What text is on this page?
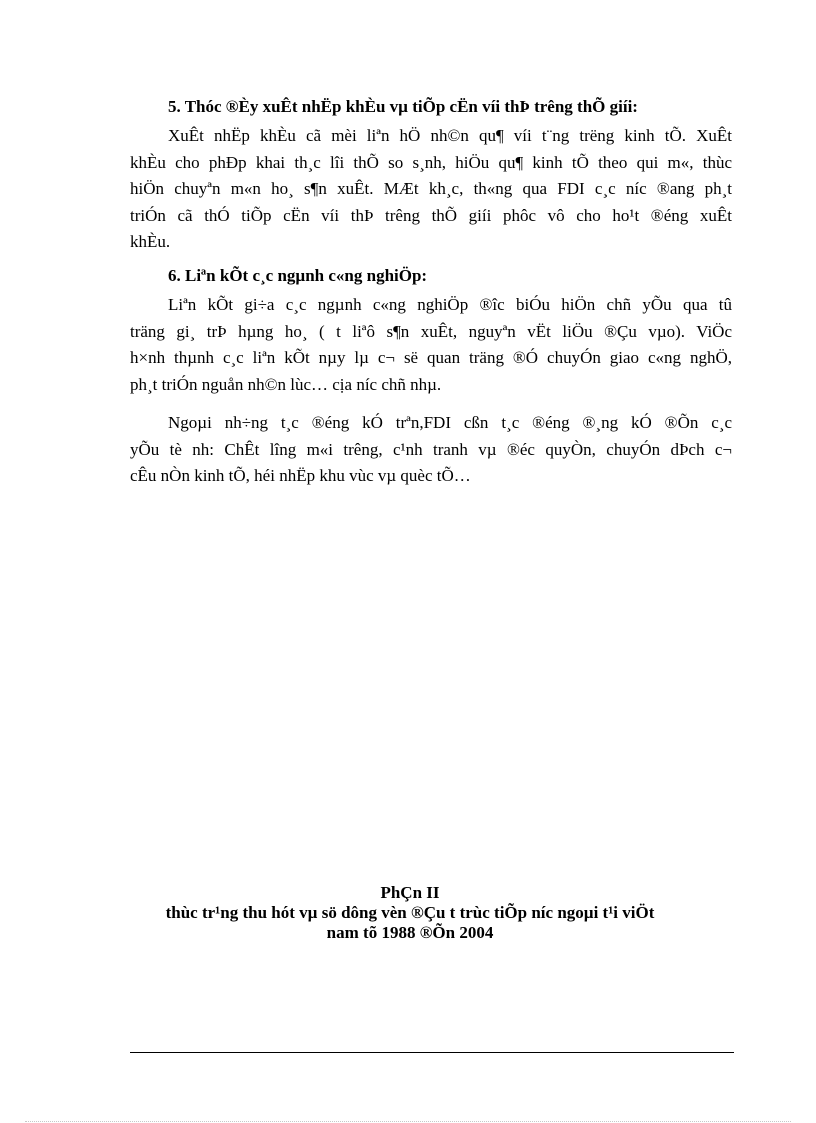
5. Thóc ®Èy xuÊt nhËp khÈu vµ tiÕp cËn víi thÞ trêng thÕ giíi:
XuÊt nhËp khÈu cã mèi liªn hÖ nh©n qu¶ víi t¨ng trëng kinh tÕ. XuÊt
khÈu cho phÐp khai th¸c lîi thÕ so s¸nh, hiÖu qu¶ kinh tÕ theo qui m«, thùc
hiÖn chuyªn m«n ho¸ s¶n xuÊt. MÆt kh¸c, th«ng qua FDI c¸c níc ®ang ph¸t
triÓn cã thÓ tiÕp cËn víi thÞ trêng thÕ giíi phôc vô cho ho¹t ®éng xuÊt
khÈu.
6. Liªn kÕt c¸c ngµnh c«ng nghiÖp:
Liªn kÕt gi÷a c¸c ngµnh c«ng nghiÖp ®îc biÓu hiÖn chñ yÕu qua tû
träng gi¸ trÞ hµng ho¸ ( t liªô s¶n xuÊt, nguyªn vËt liÖu ®Çu vµo). ViÖc
h×nh thµnh c¸c liªn kÕt nµy lµ c¬ së quan träng ®Ó chuyÓn giao c«ng nghÖ,
ph¸t triÓn nguån nh©n lùc… cịa níc chñ nhµ.
Ngoµi nh÷ng t¸c ®éng kÓ trªn,FDI cßn t¸c ®éng ®¸ng kÓ ®Õn c¸c
yÕu tè nh: ChÊt lîng m«i trêng, c¹nh tranh vµ ®éc quyÒn, chuyÓn dÞch c¬
cÊu nÒn kinh tÕ, héi nhËp khu vùc vµ quèc tÕ…
PhÇn II
thùc tr¹ng thu hót vµ sö dông vèn ®Çu t trùc tiÕp níc ngoµi t¹i viÖt
nam tõ 1988 ®Õn 2004
